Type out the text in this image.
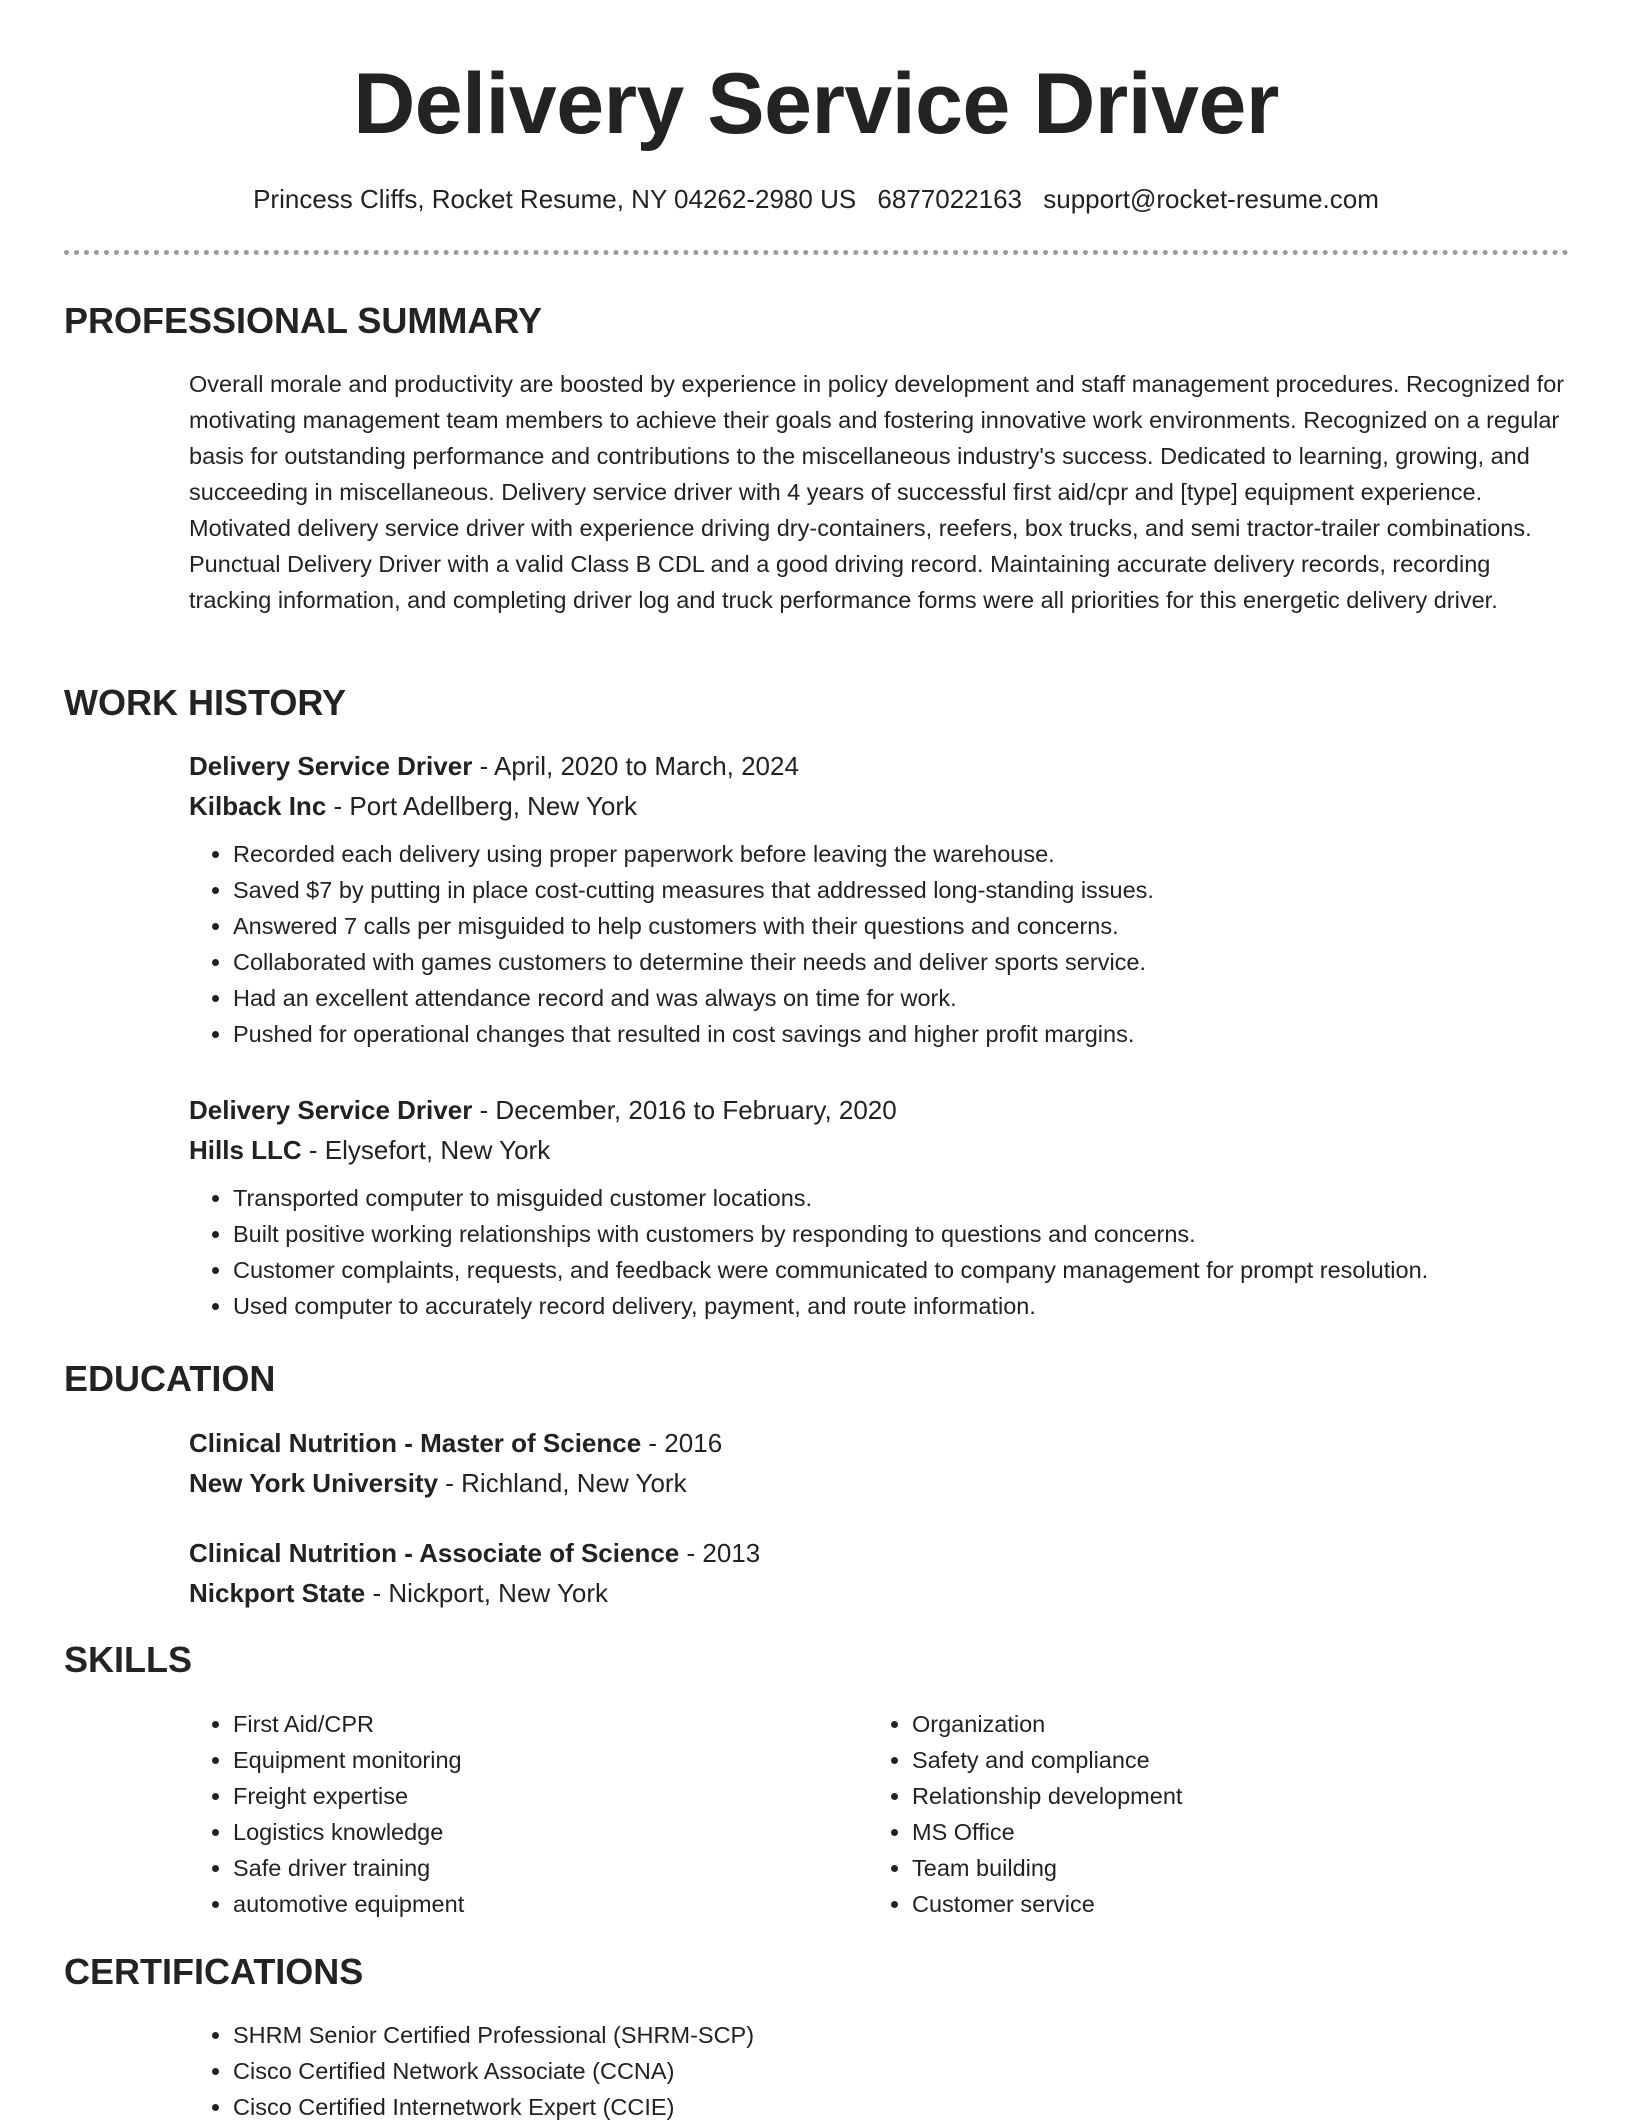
Delivery Service Driver
Princess Cliffs, Rocket Resume, NY 04262-2980 US 6877022163 support@rocket-resume.com
PROFESSIONAL SUMMARY

Overall morale and productivity are boosted by experience in policy development and staff management procedures. Recognized for motivating management team members to achieve their goals and fostering innovative work environments. Recognized on a regular basis for outstanding performance and contributions to the miscellaneous industry's success. Dedicated to learning, growing, and succeeding in miscellaneous. Delivery service driver with 4 years of successful first aid/cpr and [type] equipment experience. Motivated delivery service driver with experience driving dry-containers, reefers, box trucks, and semi tractor-trailer combinations. Punctual Delivery Driver with a valid Class B CDL and a good driving record. Maintaining accurate delivery records, recording tracking information, and completing driver log and truck performance forms were all priorities for this energetic delivery driver.

WORK HISTORY

Delivery Service Driver - April, 2020 to March, 2024

Kilback Inc - Port Adellberg, New York

• Recorded each delivery using proper paperwork before leaving the warehouse.
• Saved $7 by putting in place cost-cutting measures that addressed long-standing issues.
• Answered 7 calls per misguided to help customers with their questions and concerns.
• Collaborated with games customers to determine their needs and deliver sports service.
• Had an excellent attendance record and was always on time for work.
• Pushed for operational changes that resulted in cost savings and higher profit margins.

Delivery Service Driver - December, 2016 to February, 2020

Hills LLC - Elysefort, New York

• Transported computer to misguided customer locations.
• Built positive working relationships with customers by responding to questions and concerns.
• Customer complaints, requests, and feedback were communicated to company management for prompt resolution.
• Used computer to accurately record delivery, payment, and route information.
EDUCATION

Clinical Nutrition - Master of Science - 2016

New York University - Richland, New York

Clinical Nutrition - Associate of Science - 2013

Nickport State - Nickport, New York

SKILLS
• First Aid/CPR
• Equipment monitoring
• Freight expertise
• Logistics knowledge
• Safe driver training
• automotive equipment
• Organization
• Safety and compliance
• Relationship development
• MS Office
• Team building
• Customer service
CERTIFICATIONS
• SHRM Senior Certified Professional (SHRM-SCP)
• Cisco Certified Network Associate (CCNA)
• Cisco Certified Internetwork Expert (CCIE)
